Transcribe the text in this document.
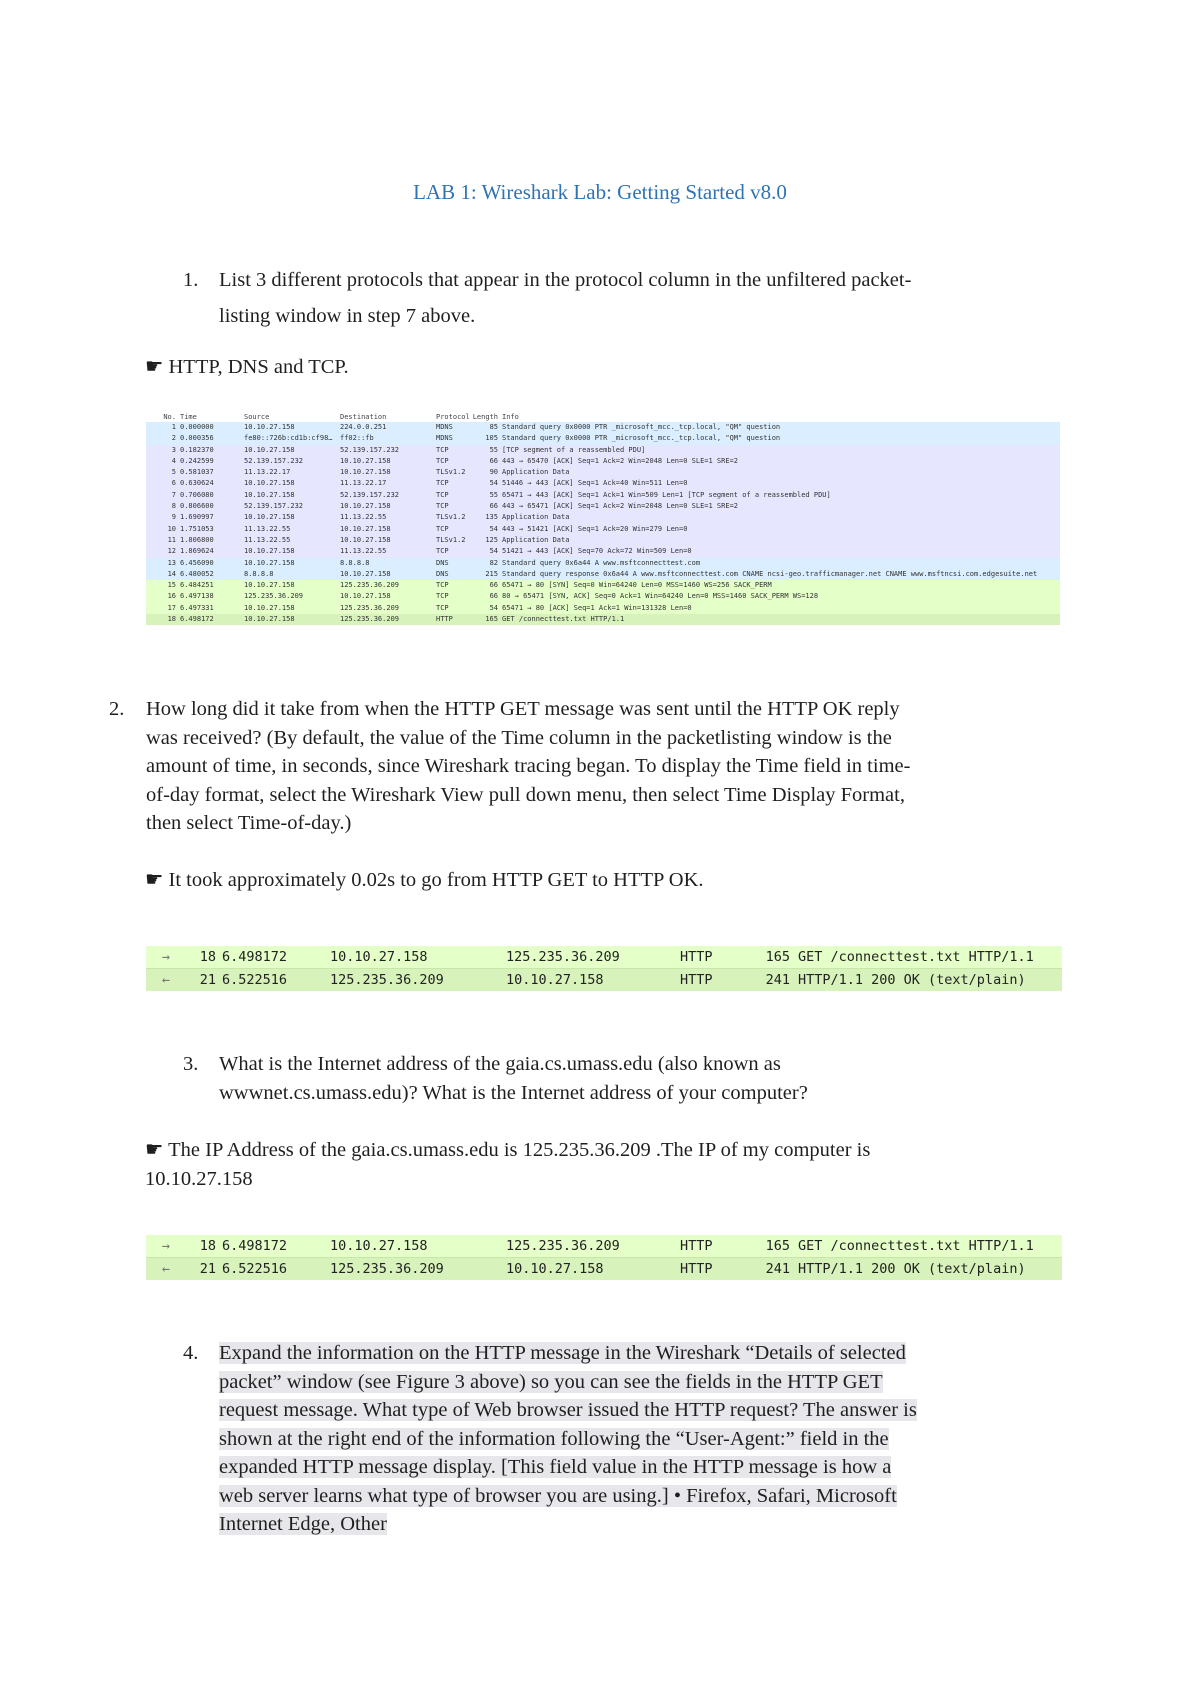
LAB 1: Wireshark Lab: Getting Started v8.0
1. List 3 different protocols that appear in the protocol column in the unfiltered packet-
listing window in step 7 above.
☛ HTTP, DNS and TCP.
No. Time	Source	Destination	Protocol Length Info
1 0.000000	10.10.27.158	224.0.0.251	MDNS	85 Standard query 0x0000 PTR _microsoft_mcc._tcp.local, "QM" question
2 0.000356	fe80::726b:cd1b:cf98…	ff02::fb	MDNS	105 Standard query 0x0000 PTR _microsoft_mcc._tcp.local, "QM" question
3 0.182370	10.10.27.158	52.139.157.232	TCP	55 [TCP segment of a reassembled PDU]
4 0.242599	52.139.157.232	10.10.27.158	TCP	66 443 → 65470 [ACK] Seq=1 Ack=2 Win=2048 Len=0 SLE=1 SRE=2
5 0.581037	11.13.22.17	10.10.27.158	TLSv1.2	90 Application Data
6 0.630624	10.10.27.158	11.13.22.17	TCP	54 51446 → 443 [ACK] Seq=1 Ack=40 Win=511 Len=0
7 0.706080	10.10.27.158	52.139.157.232	TCP	55 65471 → 443 [ACK] Seq=1 Ack=1 Win=509 Len=1 [TCP segment of a reassembled PDU]
8 0.806600	52.139.157.232	10.10.27.158	TCP	66 443 → 65471 [ACK] Seq=1 Ack=2 Win=2048 Len=0 SLE=1 SRE=2
9 1.690997	10.10.27.158	11.13.22.55	TLSv1.2	135 Application Data
10 1.751053	11.13.22.55	10.10.27.158	TCP	54 443 → 51421 [ACK] Seq=1 Ack=20 Win=279 Len=0
11 1.806800	11.13.22.55	10.10.27.158	TLSv1.2	125 Application Data
12 1.869624	10.10.27.158	11.13.22.55	TCP	54 51421 → 443 [ACK] Seq=70 Ack=72 Win=509 Len=0
13 6.456090	10.10.27.158	8.8.8.8	DNS	82 Standard query 0x6a44 A www.msftconnecttest.com
14 6.480052	8.8.8.8	10.10.27.158	DNS	215 Standard query response 0x6a44 A www.msftconnecttest.com CNAME ncsi-geo.trafficmanager.net CNAME www.msftncsi.com.edgesuite.net
15 6.484251	10.10.27.158	125.235.36.209	TCP	66 65471 → 80 [SYN] Seq=0 Win=64240 Len=0 MSS=1460 WS=256 SACK_PERM
16 6.497138	125.235.36.209	10.10.27.158	TCP	66 80 → 65471 [SYN, ACK] Seq=0 Ack=1 Win=64240 Len=0 MSS=1460 SACK_PERM WS=128
17 6.497331	10.10.27.158	125.235.36.209	TCP	54 65471 → 80 [ACK] Seq=1 Ack=1 Win=131328 Len=0
18 6.498172	10.10.27.158	125.235.36.209	HTTP	165 GET /connecttest.txt HTTP/1.1
2. How long did it take from when the HTTP GET message was sent until the HTTP OK reply
was received? (By default, the value of the Time column in the packetlisting window is the
amount of time, in seconds, since Wireshark tracing began. To display the Time field in time-
of-day format, select the Wireshark View pull down menu, then select Time Display Format,
then select Time-of-day.)
☛ It took approximately 0.02s to go from HTTP GET to HTTP OK.
→	18 6.498172	10.10.27.158	125.235.36.209	HTTP	165 GET /connecttest.txt HTTP/1.1
←	21 6.522516	125.235.36.209	10.10.27.158	HTTP	241 HTTP/1.1 200 OK (text/plain)
3. What is the Internet address of the gaia.cs.umass.edu (also known as
wwwnet.cs.umass.edu)? What is the Internet address of your computer?
☛ The IP Address of the gaia.cs.umass.edu is 125.235.36.209 .The IP of my computer is
10.10.27.158
→	18 6.498172	10.10.27.158	125.235.36.209	HTTP	165 GET /connecttest.txt HTTP/1.1
←	21 6.522516	125.235.36.209	10.10.27.158	HTTP	241 HTTP/1.1 200 OK (text/plain)
4. Expand the information on the HTTP message in the Wireshark “Details of selected
packet” window (see Figure 3 above) so you can see the fields in the HTTP GET
request message. What type of Web browser issued the HTTP request? The answer is
shown at the right end of the information following the “User-Agent:” field in the
expanded HTTP message display. [This field value in the HTTP message is how a
web server learns what type of browser you are using.] • Firefox, Safari, Microsoft
Internet Edge, Other
